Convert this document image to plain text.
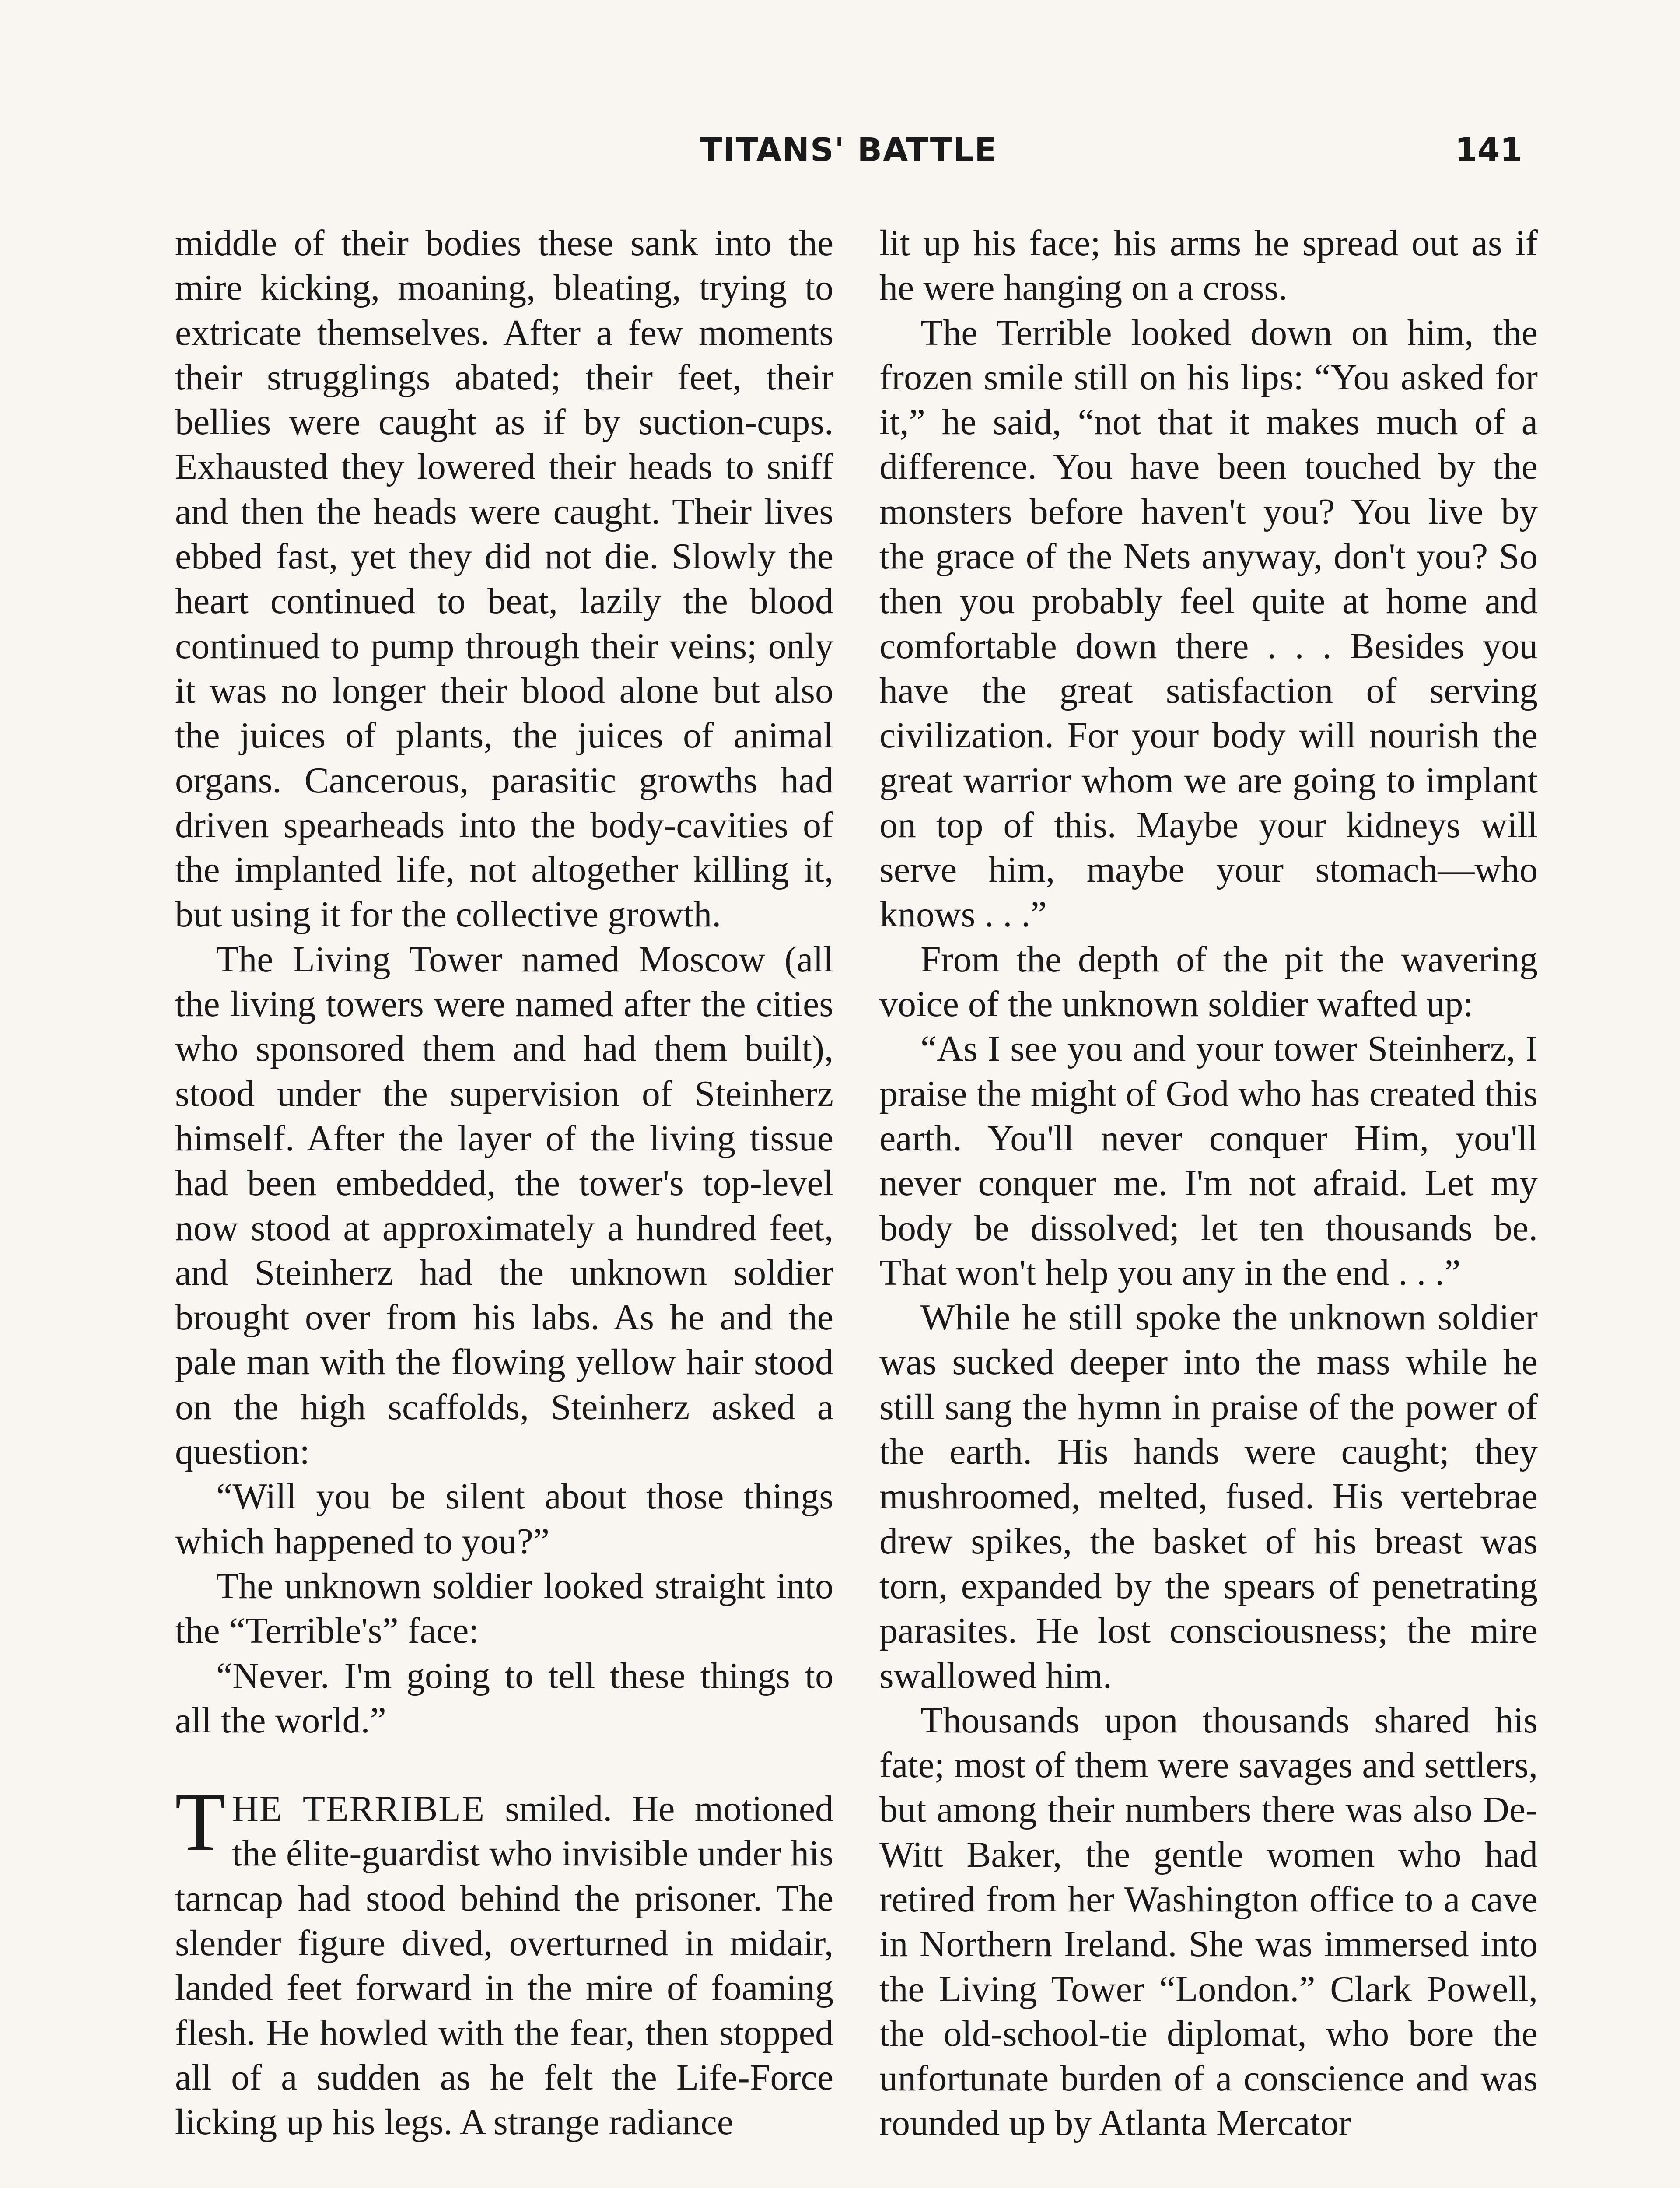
TITANS' BATTLE	141

middle of their bodies these sank into the mire kicking, moaning, bleating, trying to extricate themselves. After a few moments their strugglings abated; their feet, their bellies were caught as if by suction-cups. Exhausted they lowered their heads to sniff and then the heads were caught. Their lives ebbed fast, yet they did not die. Slowly the heart continued to beat, lazily the blood continued to pump through their veins; only it was no longer their blood alone but also the juices of plants, the juices of animal organs. Cancerous, parasitic growths had driven spearheads into the body-cavities of the implanted life, not altogether killing it, but using it for the collective growth.

The Living Tower named Moscow (all the living towers were named after the cities who sponsored them and had them built), stood under the supervision of Steinherz himself. After the layer of the living tissue had been embedded, the tower's top-level now stood at approximately a hundred feet, and Steinherz had the unknown soldier brought over from his labs. As he and the pale man with the flowing yellow hair stood on the high scaffolds, Steinherz asked a question:

“Will you be silent about those things which happened to you?”

The unknown soldier looked straight into the “Terrible's” face:

“Never. I'm going to tell these things to all the world.”

THE TERRIBLE smiled. He motioned the élite-guardist who invisible under his tarncap had stood behind the prisoner. The slender figure dived, overturned in midair, landed feet forward in the mire of foaming flesh. He howled with the fear, then stopped all of a sudden as he felt the Life-Force licking up his legs. A strange radiance

lit up his face; his arms he spread out as if he were hanging on a cross.

The Terrible looked down on him, the frozen smile still on his lips: “You asked for it,” he said, “not that it makes much of a difference. You have been touched by the monsters before haven't you? You live by the grace of the Nets anyway, don't you? So then you probably feel quite at home and comfortable down there . . . Besides you have the great satisfaction of serving civilization. For your body will nourish the great warrior whom we are going to implant on top of this. Maybe your kidneys will serve him, maybe your stomach—who knows . . .”

From the depth of the pit the wavering voice of the unknown soldier wafted up:

“As I see you and your tower Steinherz, I praise the might of God who has created this earth. You'll never conquer Him, you'll never conquer me. I'm not afraid. Let my body be dissolved; let ten thousands be. That won't help you any in the end . . .”

While he still spoke the unknown soldier was sucked deeper into the mass while he still sang the hymn in praise of the power of the earth. His hands were caught; they mushroomed, melted, fused. His vertebrae drew spikes, the basket of his breast was torn, expanded by the spears of penetrating parasites. He lost consciousness; the mire swallowed him.

Thousands upon thousands shared his fate; most of them were savages and settlers, but among their numbers there was also De-Witt Baker, the gentle women who had retired from her Washington office to a cave in Northern Ireland. She was immersed into the Living Tower “London.” Clark Powell, the old-school-tie diplomat, who bore the unfortunate burden of a conscience and was rounded up by Atlanta Mercator
